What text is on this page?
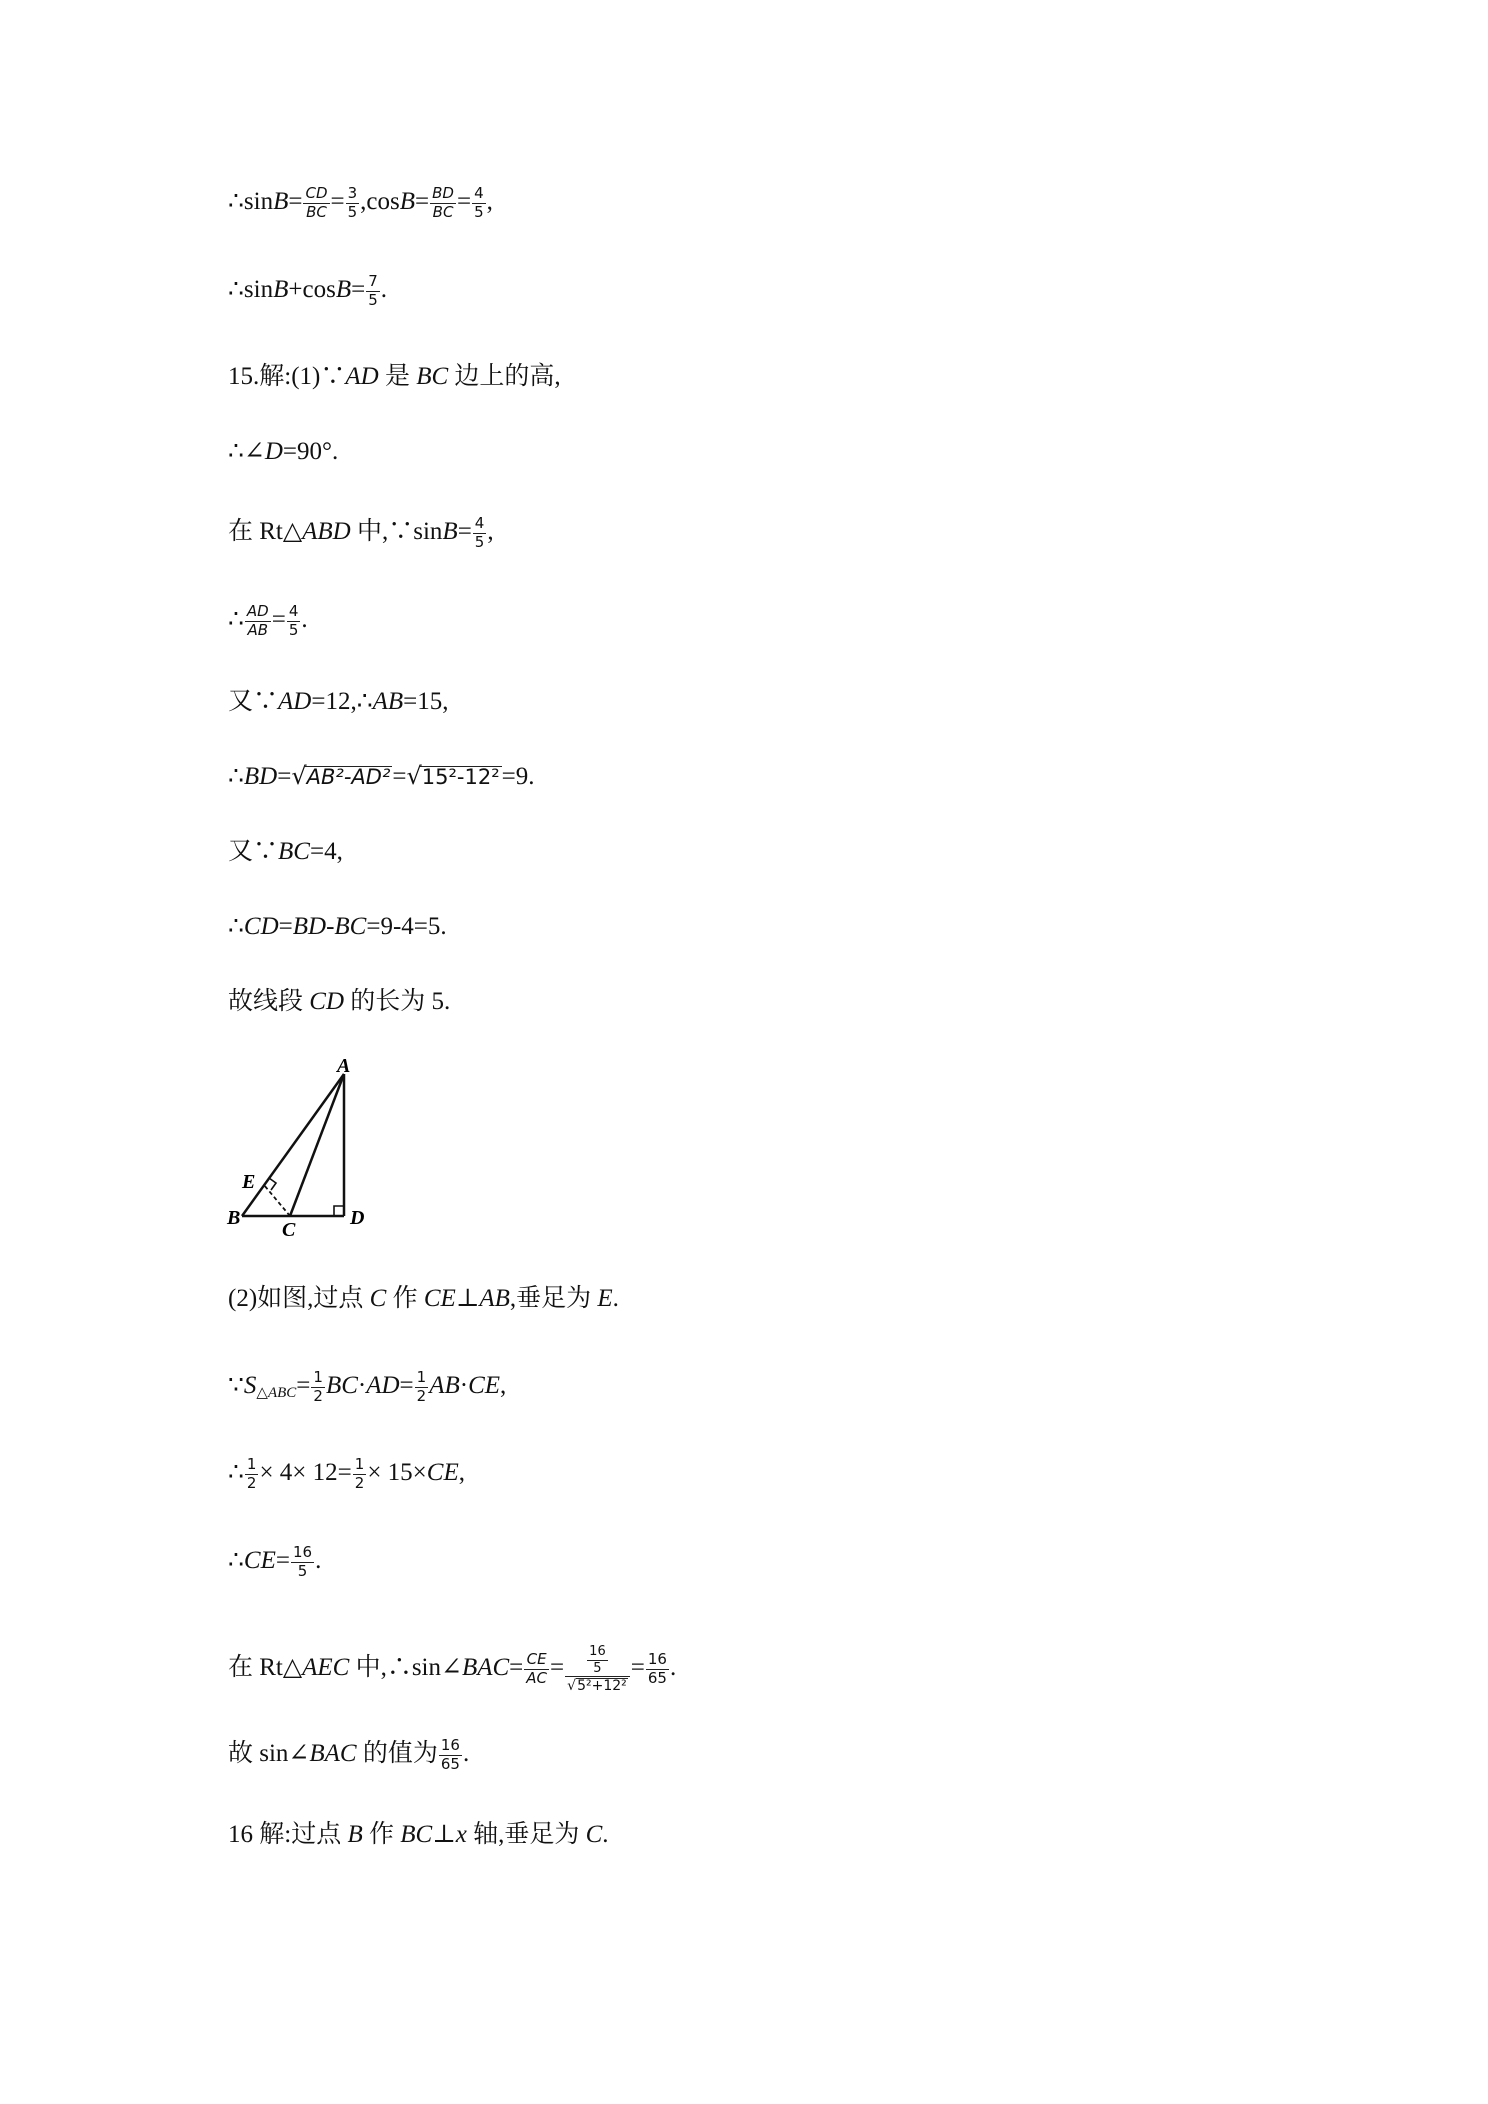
∴sinB= $\frac{CD}{BC} = \frac{3}{5} ,\cos B= \frac{BD}{BC} = \frac{4}{5}$ ,
∴sinB+cosB= $\frac{7}{5}$ .
15.解:(1)∵AD 是 BC 边上的高,
∴∠D=90°.
在 Rt△ABD 中,∵sinB= $\frac{4}{5}$ ,
∴ $\frac{AD}{AB} = \frac{4}{5}$ .
又∵AD=12,∴AB=15,
∴BD=√AB²-AD²=√15²-12²=9.
又∵BC=4,
∴CD=BD-BC=9-4=5.
故线段 CD 的长为 5.
A
B
C
D
E
(2)如图,过点 C 作 CE⊥AB,垂足为 E.
$\because S_{\triangle ABC}= \frac{1}{2} BC\cdot AD= \frac{1}{2} AB\cdot CE$,
∴ $\frac{1}{2} \times 4\times 12= \frac{1}{2} \times 15\times CE$,
∴CE= $\frac{16}{5}$ .
在 Rt△AEC 中,∴sin∠BAC= $\frac{CE}{AC} = \frac{\frac{16}{5}}{\text{√5²+12²}} = \frac{16}{65}$ .
故 sin∠BAC 的值为 $\frac{16}{65}$ .
16 解:过点 B 作 BC⊥x 轴,垂足为 C.
